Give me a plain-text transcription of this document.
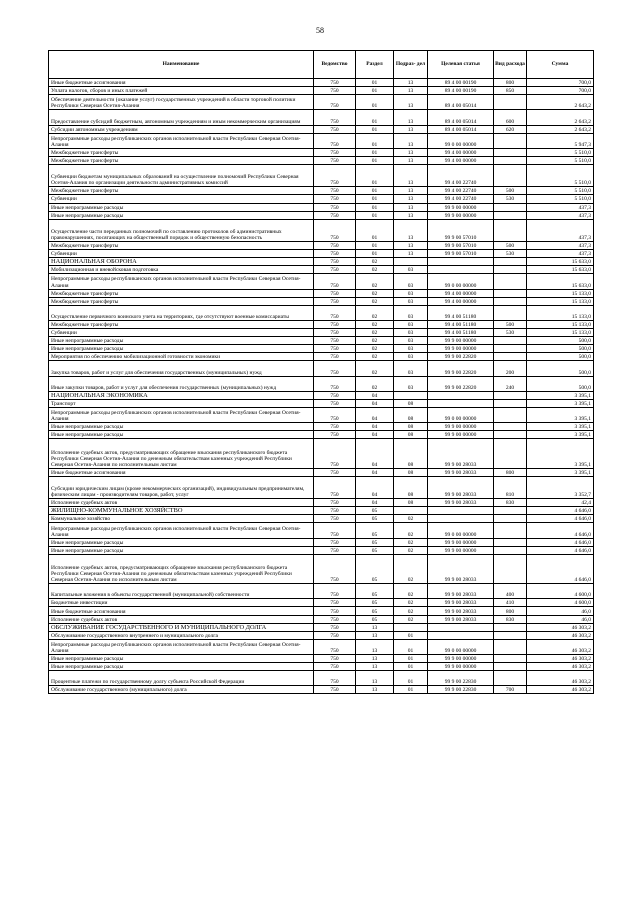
58
Наименование	Ведомство	Раздел	Подраз- дел	Целевая статья	Вид расхода	Сумма
Иные бюджетные ассигнования	750	01	13	89 4 00 00190	800	700,0
Уплата налогов, сборов и иных платежей	750	01	13	89 4 00 00190	850	700,0
Обеспечение деятельности (оказание услуг) государственных учреждений в области торговой политики Республики Северная Осетия-Алания	750	01	13	89 4 00 05014		2 643,2
Предоставление субсидий бюджетным, автономным учреждениям и иным некоммерческим организациям	750	01	13	89 4 00 05014	600	2 643,2
Субсидии автономным учреждениям	750	01	13	89 4 00 05014	620	2 643,2
Непрограммные расходы республиканских органов исполнительной власти Республики Северная Осетия-Алания	750	01	13	99 0 00 00000		5 947,3
Межбюджетные трансферты	750	01	13	99 4 00 00000		5 510,0
Межбюджетные трансферты	750	01	13	99 4 00 00000		5 510,0
Субвенции бюджетам муниципальных образований на осуществление полномочий Республики Северная Осетия-Алания по организации деятельности административных комиссий	750	01	13	99 4 00 22740		5 510,0
Межбюджетные трансферты	750	01	13	99 4 00 22740	500	5 510,0
Субвенции	750	01	13	99 4 00 22740	530	5 510,0
Иные непрограммные расходы	750	01	13	99 9 00 00000		437,3
Иные непрограммные расходы	750	01	13	99 9 00 00000		437,3
Осуществление части переданных полномочий по составлению протоколов об административных правонарушениях, посягающих на общественный порядок и общественную безопасность	750	01	13	99 9 00 57010		437,3
Межбюджетные трансферты	750	01	13	99 9 00 57010	500	437,3
Субвенции	750	01	13	99 9 00 57010	530	437,3
НАЦИОНАЛЬНАЯ ОБОРОНА	750	02				15 633,0
Мобилизационная и вневойсковая подготовка	750	02	03			15 633,0
Непрограммные расходы республиканских органов исполнительной власти Республики Северная Осетия-Алания	750	02	03	99 0 00 00000		15 633,0
Межбюджетные трансферты	750	02	03	99 4 00 00000		15 133,0
Межбюджетные трансферты	750	02	03	99 4 00 00000		15 133,0
Осуществление первичного воинского учета на территориях, где отсутствуют военные комиссариаты	750	02	03	99 4 00 51180		15 133,0
Межбюджетные трансферты	750	02	03	99 4 00 51180	500	15 133,0
Субвенции	750	02	03	99 4 00 51180	530	15 133,0
Иные непрограммные расходы	750	02	03	99 9 00 00000		500,0
Иные непрограммные расходы	750	02	03	99 9 00 00000		500,0
Мероприятия по обеспечению мобилизационной готовности экономики	750	02	03	99 9 00 22820		500,0
Закупка товаров, работ и услуг для обеспечения государственных (муниципальных) нужд	750	02	03	99 9 00 22820	200	500,0
Иные закупки товаров, работ и услуг для обеспечения государственных (муниципальных) нужд	750	02	03	99 9 00 22820	240	500,0
НАЦИОНАЛЬНАЯ ЭКОНОМИКА	750	04				3 395,1
Транспорт	750	04	08			3 395,1
Непрограммные расходы республиканских органов исполнительной власти Республики Северная Осетия-Алания	750	04	08	99 0 00 00000		3 395,1
Иные непрограммные расходы	750	04	08	99 9 00 00000		3 395,1
Иные непрограммные расходы	750	04	08	99 9 00 00000		3 395,1
Исполнение судебных актов, предусматривающих обращение взыскания республиканского бюджета Республики Северная Осетия-Алания по денежным обязательствам казенных учреждений Республики Северная Осетия-Алания по исполнительным листам	750	04	08	99 9 00 28033		3 395,1
Иные бюджетные ассигнования	750	04	08	99 9 00 28033	800	3 395,1
Субсидии юридическим лицам (кроме некоммерческих организаций), индивидуальным предпринимателям, физическим лицам - производителям товаров, работ, услуг	750	04	08	99 9 00 28033	810	3 352,7
Исполнение судебных актов	750	04	08	99 9 00 28033	830	42,4
ЖИЛИЩНО-КОММУНАЛЬНОЕ ХОЗЯЙСТВО	750	05				4 646,0
Коммунальное хозяйство	750	05	02			4 646,0
Непрограммные расходы республиканских органов исполнительной власти Республики Северная Осетия-Алания	750	05	02	99 0 00 00000		4 646,0
Иные непрограммные расходы	750	05	02	99 9 00 00000		4 646,0
Иные непрограммные расходы	750	05	02	99 9 00 00000		4 646,0
Исполнение судебных актов, предусматривающих обращение взыскания республиканского бюджета Республики Северная Осетия-Алания по денежным обязательствам казенных учреждений Республики Северная Осетия-Алания по исполнительным листам	750	05	02	99 9 00 28033		4 646,0
Капитальные вложения в объекты государственной (муниципальной) собственности	750	05	02	99 9 00 28033	400	4 600,0
Бюджетные инвестиции	750	05	02	99 9 00 28033	410	4 600,0
Иные бюджетные ассигнования	750	05	02	99 9 00 28033	800	46,0
Исполнение судебных актов	750	05	02	99 9 00 28033	830	46,0
ОБСЛУЖИВАНИЕ ГОСУДАРСТВЕННОГО И МУНИЦИПАЛЬНОГО ДОЛГА	750	13				46 303,2
Обслуживание государственного внутреннего и муниципального долга	750	13	01			46 303,2
Непрограммные расходы республиканских органов исполнительной власти Республики Северная Осетия-Алания	750	13	01	99 0 00 00000		46 303,2
Иные непрограммные расходы	750	13	01	99 9 00 00000		46 303,2
Иные непрограммные расходы	750	13	01	99 9 00 00000		46 303,2
Процентные платежи по государственному долгу субъекта Российской Федерации	750	13	01	99 9 00 22830		46 303,2
Обслуживание государственного (муниципального) долга	750	13	01	99 9 00 22830	700	46 303,2
